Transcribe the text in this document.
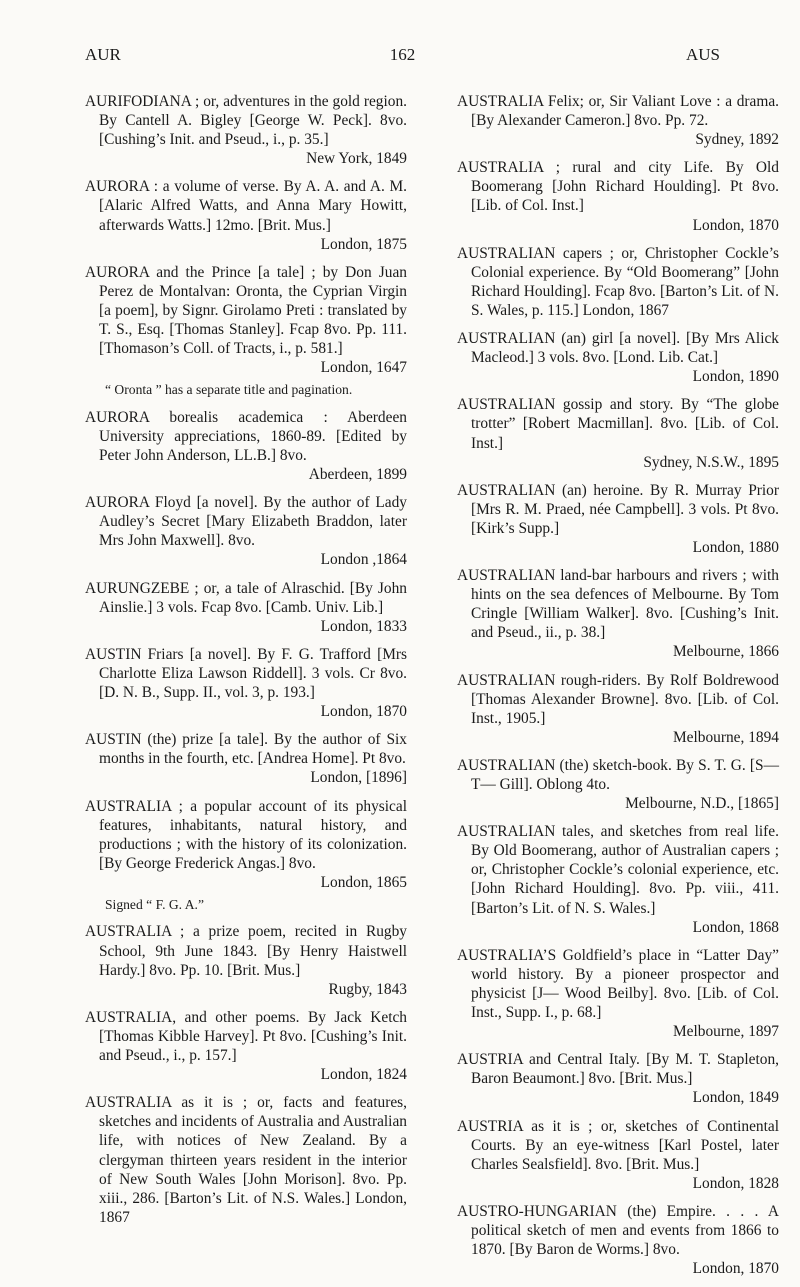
AUR	162	AUS

AURIFODIANA ; or, adventures in the gold region. By Cantell A. Bigley [George W. Peck]. 8vo. [Cushing’s Init. and Pseud., i., p. 35.]
New York, 1849

AURORA : a volume of verse. By A. A. and A. M. [Alaric Alfred Watts, and Anna Mary Howitt, afterwards Watts.] 12mo. [Brit. Mus.]
London, 1875

AURORA and the Prince [a tale] ; by Don Juan Perez de Montalvan: Oronta, the Cyprian Virgin [a poem], by Signr. Girolamo Preti : translated by T. S., Esq. [Thomas Stanley]. Fcap 8vo. Pp. 111. [Thomason’s Coll. of Tracts, i., p. 581.]
London, 1647

“ Oronta ” has a separate title and pagination.

AURORA borealis academica : Aberdeen University appreciations, 1860-89. [Edited by Peter John Anderson, LL.B.] 8vo.
Aberdeen, 1899

AURORA Floyd [a novel]. By the author of Lady Audley’s Secret [Mary Elizabeth Braddon, later Mrs John Maxwell]. 8vo.
London ,1864

AURUNGZEBE ; or, a tale of Alraschid. [By John Ainslie.] 3 vols. Fcap 8vo. [Camb. Univ. Lib.]
London, 1833

AUSTIN Friars [a novel]. By F. G. Trafford [Mrs Charlotte Eliza Lawson Riddell]. 3 vols. Cr 8vo. [D. N. B., Supp. II., vol. 3, p. 193.]
London, 1870

AUSTIN (the) prize [a tale]. By the author of Six months in the fourth, etc. [Andrea Home]. Pt 8vo.
London, [1896]

AUSTRALIA ; a popular account of its physical features, inhabitants, natural history, and productions ; with the history of its colonization. [By George Frederick Angas.] 8vo.
London, 1865

Signed “ F. G. A.”

AUSTRALIA ; a prize poem, recited in Rugby School, 9th June 1843. [By Henry Haistwell Hardy.] 8vo. Pp. 10. [Brit. Mus.]
Rugby, 1843

AUSTRALIA, and other poems. By Jack Ketch [Thomas Kibble Harvey]. Pt 8vo. [Cushing’s Init. and Pseud., i., p. 157.]
London, 1824

AUSTRALIA as it is ; or, facts and features, sketches and incidents of Australia and Australian life, with notices of New Zealand. By a clergyman thirteen years resident in the interior of New South Wales [John Morison]. 8vo. Pp. xiii., 286. [Barton’s Lit. of N.S. Wales.] London, 1867

AUSTRALIA Felix; or, Sir Valiant Love : a drama. [By Alexander Cameron.] 8vo. Pp. 72.
Sydney, 1892

AUSTRALIA ; rural and city Life. By Old Boomerang [John Richard Houlding]. Pt 8vo. [Lib. of Col. Inst.]
London, 1870

AUSTRALIAN capers ; or, Christopher Cockle’s Colonial experience. By “Old Boomerang” [John Richard Houlding]. Fcap 8vo. [Barton’s Lit. of N. S. Wales, p. 115.] London, 1867

AUSTRALIAN (an) girl [a novel]. [By Mrs Alick Macleod.] 3 vols. 8vo. [Lond. Lib. Cat.]
London, 1890

AUSTRALIAN gossip and story. By “The globe trotter” [Robert Macmillan]. 8vo. [Lib. of Col. Inst.]
Sydney, N.S.W., 1895

AUSTRALIAN (an) heroine. By R. Murray Prior [Mrs R. M. Praed, née Campbell]. 3 vols. Pt 8vo. [Kirk’s Supp.]
London, 1880

AUSTRALIAN land-bar harbours and rivers ; with hints on the sea defences of Melbourne. By Tom Cringle [William Walker]. 8vo. [Cushing’s Init. and Pseud., ii., p. 38.]
Melbourne, 1866

AUSTRALIAN rough-riders. By Rolf Boldrewood [Thomas Alexander Browne]. 8vo. [Lib. of Col. Inst., 1905.]
Melbourne, 1894

AUSTRALIAN (the) sketch-book. By S. T. G. [S— T— Gill]. Oblong 4to.
Melbourne, N.D., [1865]

AUSTRALIAN tales, and sketches from real life. By Old Boomerang, author of Australian capers ; or, Christopher Cockle’s colonial experience, etc. [John Richard Houlding]. 8vo. Pp. viii., 411. [Barton’s Lit. of N. S. Wales.]
London, 1868

AUSTRALIA’S Goldfield’s place in “Latter Day” world history. By a pioneer prospector and physicist [J— Wood Beilby]. 8vo. [Lib. of Col. Inst., Supp. I., p. 68.]
Melbourne, 1897

AUSTRIA and Central Italy. [By M. T. Stapleton, Baron Beaumont.] 8vo. [Brit. Mus.]
London, 1849

AUSTRIA as it is ; or, sketches of Continental Courts. By an eye-witness [Karl Postel, later Charles Sealsfield]. 8vo. [Brit. Mus.]
London, 1828

AUSTRO-HUNGARIAN (the) Empire. . . . A political sketch of men and events from 1866 to 1870. [By Baron de Worms.] 8vo.
London, 1870
